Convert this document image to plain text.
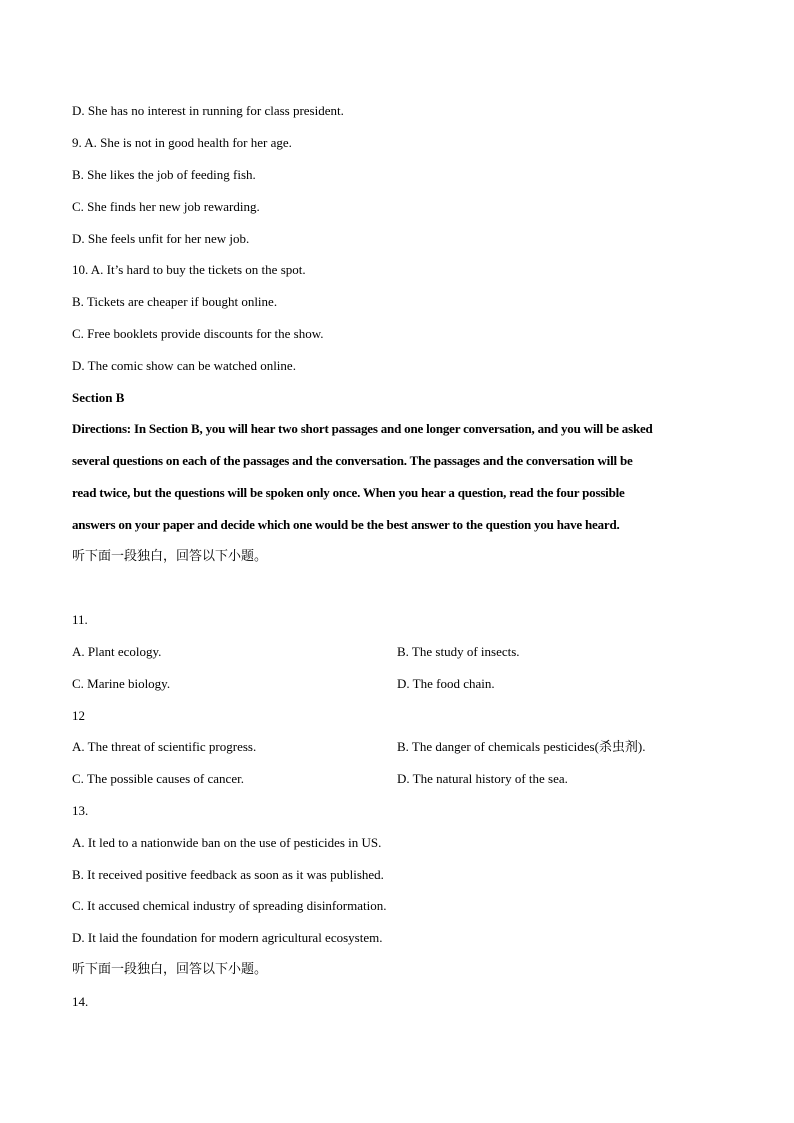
D. She has no interest in running for class president.
9. A. She is not in good health for her age.
B. She likes the job of feeding fish.
C. She finds her new job rewarding.
D. She feels unfit for her new job.
10. A. It’s hard to buy the tickets on the spot.
B. Tickets are cheaper if bought online.
C. Free booklets provide discounts for the show.
D. The comic show can be watched online.
Section B
Directions: In Section B, you will hear two short passages and one longer conversation, and you will be asked
several questions on each of the passages and the conversation. The passages and the conversation will be
read twice, but the questions will be spoken only once. When you hear a question, read the four possible
answers on your paper and decide which one would be the best answer to the question you have heard.
听下面一段独白，回答以下小题。
11.
A. Plant ecology.	B. The study of insects.
C. Marine biology.	D. The food chain.
12
A. The threat of scientific progress.	B. The danger of chemicals pesticides(杀虫剂).
C. The possible causes of cancer.	D. The natural history of the sea.
13.
A. It led to a nationwide ban on the use of pesticides in US.
B. It received positive feedback as soon as it was published.
C. It accused chemical industry of spreading disinformation.
D. It laid the foundation for modern agricultural ecosystem.
听下面一段独白，回答以下小题。
14.
